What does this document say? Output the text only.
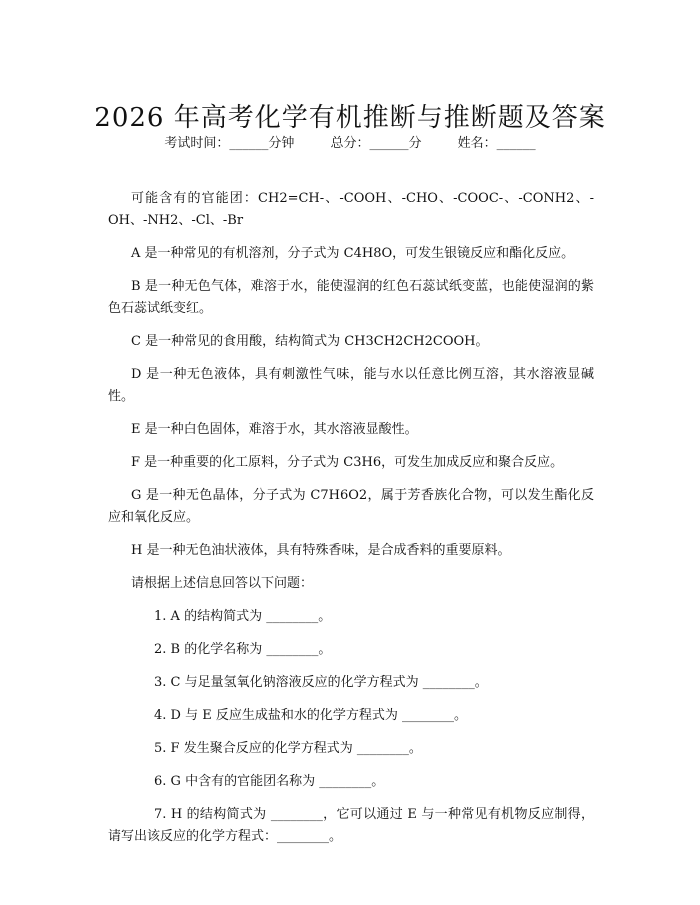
2026 年高考化学有机推断与推断题及答案
考试时间：______分钟	总分：______分	姓名：______

可能含有的官能团：CH2=CH-、-COOH、-CHO、-COOC-、-CONH2、-OH、-NH2、-Cl、-Br

A 是一种常见的有机溶剂，分子式为 C4H8O，可发生银镜反应和酯化反应。

B 是一种无色气体，难溶于水，能使湿润的红色石蕊试纸变蓝，也能使湿润的紫色石蕊试纸变红。

C 是一种常见的食用酸，结构简式为 CH3CH2CH2COOH。

D 是一种无色液体，具有刺激性气味，能与水以任意比例互溶，其水溶液显碱性。

E 是一种白色固体，难溶于水，其水溶液显酸性。

F 是一种重要的化工原料，分子式为 C3H6，可发生加成反应和聚合反应。

G 是一种无色晶体，分子式为 C7H6O2，属于芳香族化合物，可以发生酯化反应和氧化反应。

H 是一种无色油状液体，具有特殊香味，是合成香料的重要原料。

请根据上述信息回答以下问题：

1. A 的结构简式为 ________。

2. B 的化学名称为 ________。

3. C 与足量氢氧化钠溶液反应的化学方程式为 ________。

4. D 与 E 反应生成盐和水的化学方程式为 ________。

5. F 发生聚合反应的化学方程式为 ________。

6. G 中含有的官能团名称为 ________。

7. H 的结构简式为 ________，它可以通过 E 与一种常见有机物反应制得，请写出该反应的化学方程式：________。
